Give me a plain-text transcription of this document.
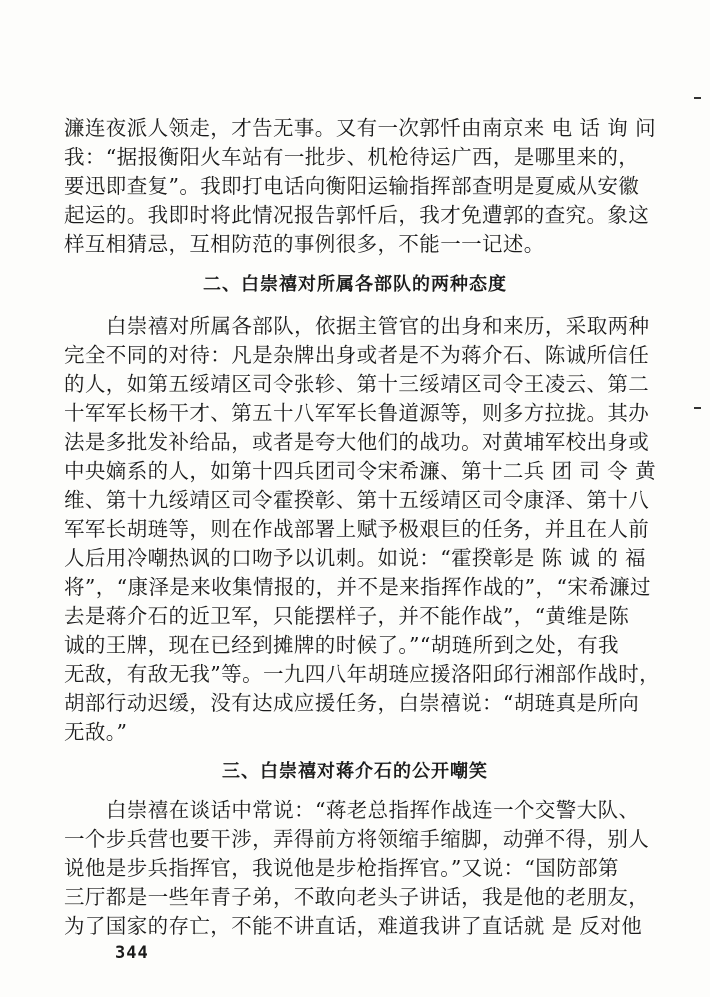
濂连夜派人领走，才告无事。又有一次郭忏由南京来 电 话 询 问
我：“据报衡阳火车站有一批步、机枪待运广西，是哪里来的，
要迅即查复”。我即打电话向衡阳运输指挥部查明是夏威从安徽
起运的。我即时将此情况报告郭忏后，我才免遭郭的查究。象这
样互相猜忌，互相防范的事例很多，不能一一记述。
二、白崇禧对所属各部队的两种态度
白崇禧对所属各部队，依据主管官的出身和来历，采取两种
完全不同的对待：凡是杂牌出身或者是不为蒋介石、陈诚所信任
的人，如第五绥靖区司令张轸、第十三绥靖区司令王凌云、第二
十军军长杨干才、第五十八军军长鲁道源等，则多方拉拢。其办
法是多批发补给品，或者是夸大他们的战功。对黄埔军校出身或
中央嫡系的人，如第十四兵团司令宋希濂、第十二兵 团 司 令 黄
维、第十九绥靖区司令霍揆彰、第十五绥靖区司令康泽、第十八
军军长胡琏等，则在作战部署上赋予极艰巨的任务，并且在人前
人后用冷嘲热讽的口吻予以讥刺。如说：“霍揆彰是 陈 诚 的 福
将”，“康泽是来收集情报的，并不是来指挥作战的”，“宋希濂过
去是蒋介石的近卫军，只能摆样子，并不能作战”，“黄维是陈
诚的王牌，现在已经到摊牌的时候了。”“胡琏所到之处，有我
无敌，有敌无我”等。一九四八年胡琏应援洛阳邱行湘部作战时，
胡部行动迟缓，没有达成应援任务，白崇禧说：“胡琏真是所向
无敌。”
三、白崇禧对蒋介石的公开嘲笑
白崇禧在谈话中常说：“蒋老总指挥作战连一个交警大队、
一个步兵营也要干涉，弄得前方将领缩手缩脚，动弹不得，别人
说他是步兵指挥官，我说他是步枪指挥官。”又说：“国防部第
三厅都是一些年青子弟，不敢向老头子讲话，我是他的老朋友，
为了国家的存亡，不能不讲直话，难道我讲了直话就 是 反对他
344
